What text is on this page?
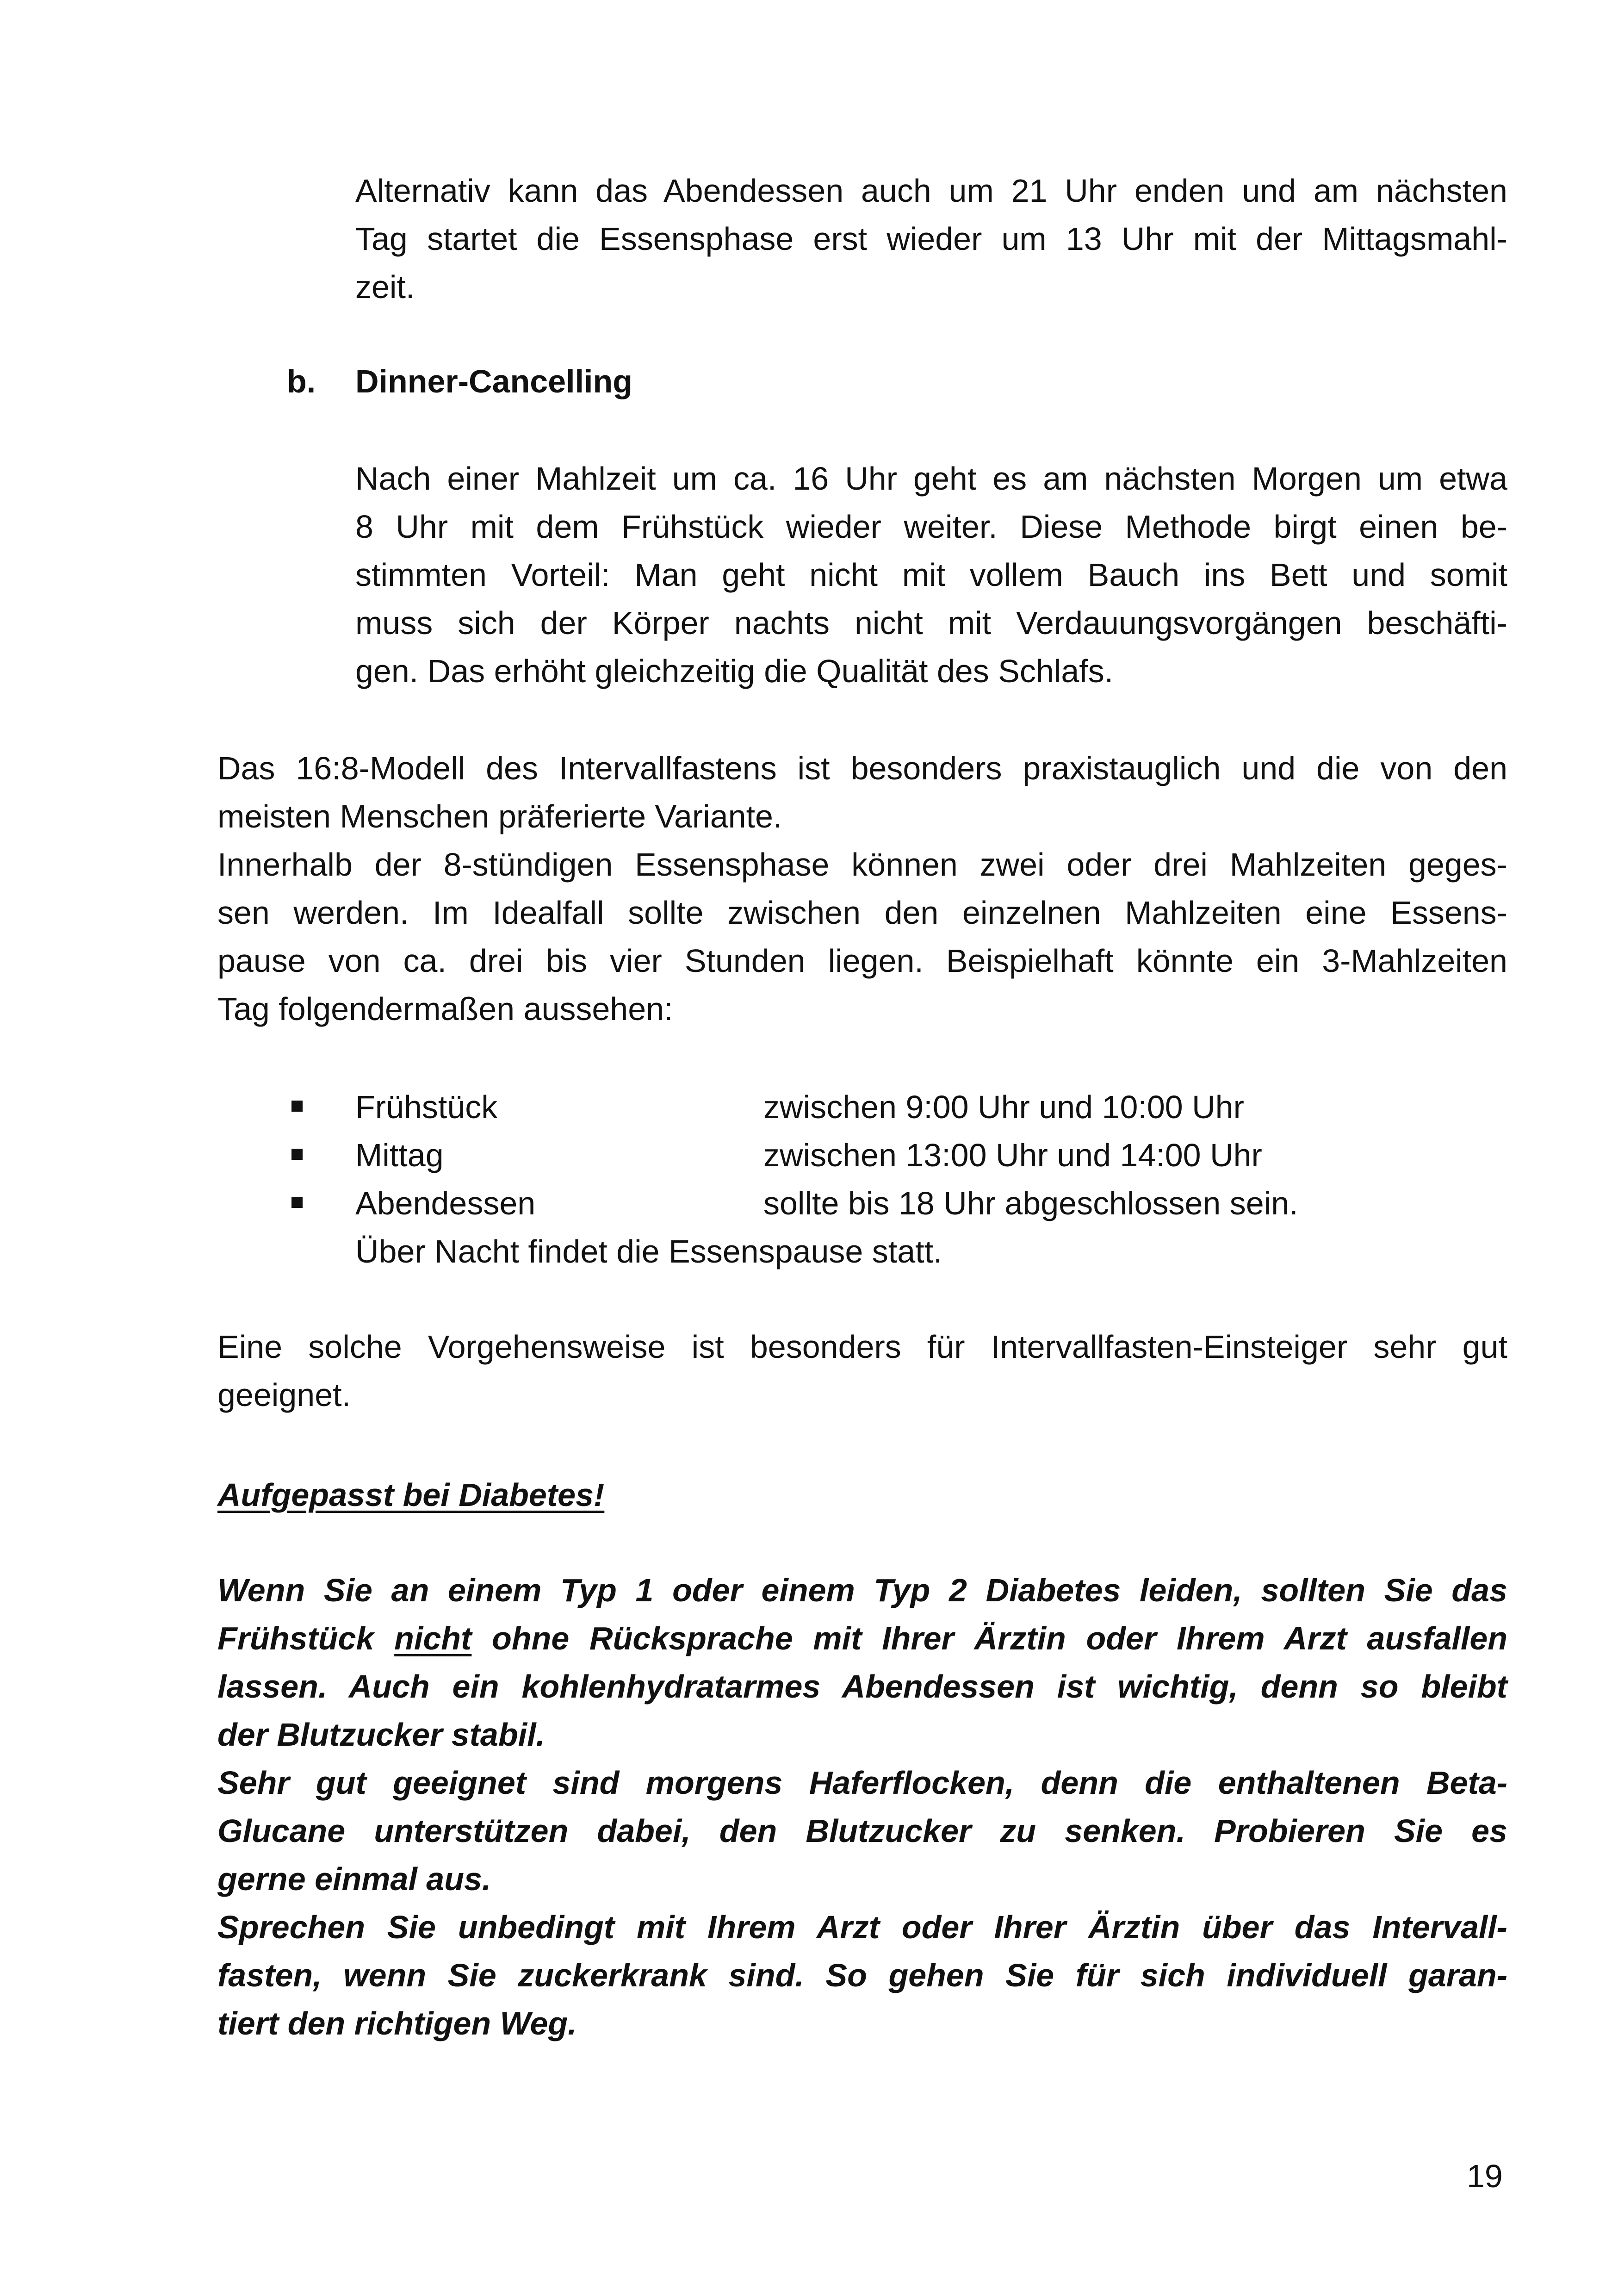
Alternativ kann das Abendessen auch um 21 Uhr enden und am nächsten
Tag startet die Essensphase erst wieder um 13 Uhr mit der Mittagsmahl-
zeit.
b. Dinner-Cancelling
Nach einer Mahlzeit um ca. 16 Uhr geht es am nächsten Morgen um etwa
8 Uhr mit dem Frühstück wieder weiter. Diese Methode birgt einen be-
stimmten Vorteil: Man geht nicht mit vollem Bauch ins Bett und somit
muss sich der Körper nachts nicht mit Verdauungsvorgängen beschäfti-
gen. Das erhöht gleichzeitig die Qualität des Schlafs.
Das 16:8-Modell des Intervallfastens ist besonders praxistauglich und die von den
meisten Menschen präferierte Variante.
Innerhalb der 8-stündigen Essensphase können zwei oder drei Mahlzeiten geges-
sen werden. Im Idealfall sollte zwischen den einzelnen Mahlzeiten eine Essens-
pause von ca. drei bis vier Stunden liegen. Beispielhaft könnte ein 3-Mahlzeiten
Tag folgendermaßen aussehen:
Frühstück	zwischen 9:00 Uhr und 10:00 Uhr
Mittag	zwischen 13:00 Uhr und 14:00 Uhr
Abendessen	sollte bis 18 Uhr abgeschlossen sein.
Über Nacht findet die Essenspause statt.
Eine solche Vorgehensweise ist besonders für Intervallfasten-Einsteiger sehr gut
geeignet.
Aufgepasst bei Diabetes!
Wenn Sie an einem Typ 1 oder einem Typ 2 Diabetes leiden, sollten Sie das
Frühstück nicht ohne Rücksprache mit Ihrer Ärztin oder Ihrem Arzt ausfallen
lassen. Auch ein kohlenhydratarmes Abendessen ist wichtig, denn so bleibt
der Blutzucker stabil.
Sehr gut geeignet sind morgens Haferflocken, denn die enthaltenen Beta-
Glucane unterstützen dabei, den Blutzucker zu senken. Probieren Sie es
gerne einmal aus.
Sprechen Sie unbedingt mit Ihrem Arzt oder Ihrer Ärztin über das Intervall-
fasten, wenn Sie zuckerkrank sind. So gehen Sie für sich individuell garan-
tiert den richtigen Weg.
19
